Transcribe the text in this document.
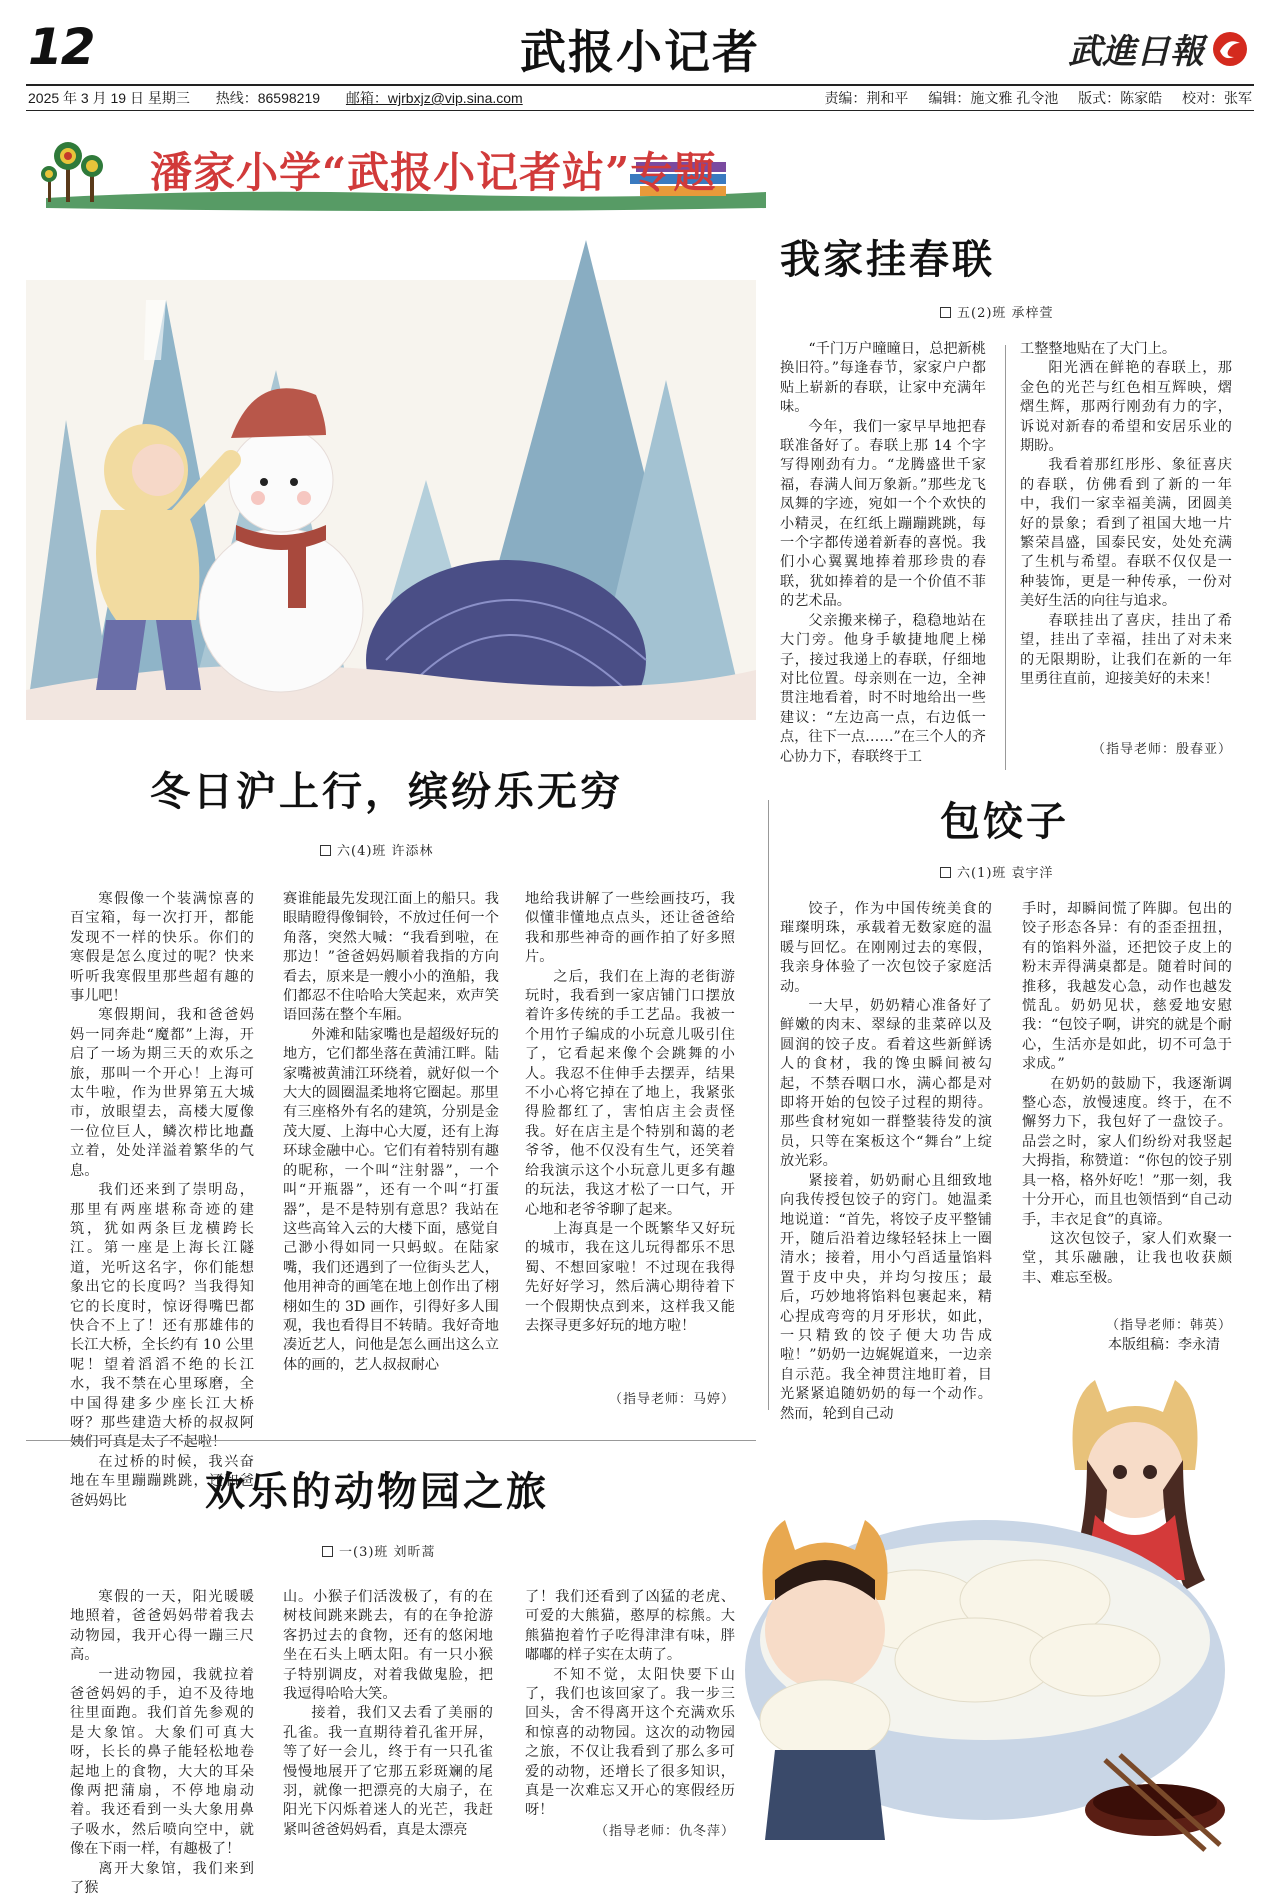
12	武报小记者	武進日報
2025 年 3 月 19 日 星期三 热线：86598219 邮箱：wjrbxjz@vip.sina.com	责编：荆和平 编辑：施文雅 孔令池 版式：陈家皓 校对：张军
潘家小学“武报小记者站”专题
我家挂春联
五(2)班 承梓萱

“千门万户曈曈日，总把新桃换旧符。”每逢春节，家家户户都贴上崭新的春联，让家中充满年味。

今年，我们一家早早地把春联准备好了。春联上那 14 个字写得刚劲有力。“龙腾盛世千家福，春满人间万象新。”那些龙飞凤舞的字迹，宛如一个个欢快的小精灵，在红纸上蹦蹦跳跳，每一个字都传递着新春的喜悦。我们小心翼翼地捧着那珍贵的春联，犹如捧着的是一个价值不菲的艺术品。

父亲搬来梯子，稳稳地站在大门旁。他身手敏捷地爬上梯子，接过我递上的春联，仔细地对比位置。母亲则在一边，全神贯注地看着，时不时地给出一些建议：“左边高一点，右边低一点，往下一点……”在三个人的齐心协力下，春联终于工

工整整地贴在了大门上。

阳光洒在鲜艳的春联上，那金色的光芒与红色相互辉映，熠熠生辉，那两行刚劲有力的字，诉说对新春的希望和安居乐业的期盼。

我看着那红彤彤、象征喜庆的春联，仿佛看到了新的一年中，我们一家幸福美满，团圆美好的景象；看到了祖国大地一片繁荣昌盛，国泰民安，处处充满了生机与希望。春联不仅仅是一种装饰，更是一种传承，一份对美好生活的向往与追求。

春联挂出了喜庆，挂出了希望，挂出了幸福，挂出了对未来的无限期盼，让我们在新的一年里勇往直前，迎接美好的未来！

（指导老师：殷春亚）
冬日沪上行，缤纷乐无穷
六(4)班 许添林

寒假像一个装满惊喜的百宝箱，每一次打开，都能发现不一样的快乐。你们的寒假是怎么度过的呢？快来听听我寒假里那些超有趣的事儿吧！

寒假期间，我和爸爸妈妈一同奔赴“魔都”上海，开启了一场为期三天的欢乐之旅，那叫一个开心！上海可太牛啦，作为世界第五大城市，放眼望去，高楼大厦像一位位巨人，鳞次栉比地矗立着，处处洋溢着繁华的气息。

我们还来到了崇明岛，那里有两座堪称奇迹的建筑，犹如两条巨龙横跨长江。第一座是上海长江隧道，光听这名字，你们能想象出它的长度吗？当我得知它的长度时，惊讶得嘴巴都快合不上了！还有那雄伟的长江大桥，全长约有 10 公里呢！望着滔滔不绝的长江水，我不禁在心里琢磨，全中国得建多少座长江大桥呀？那些建造大桥的叔叔阿姨们可真是太了不起啦！

在过桥的时候，我兴奋地在车里蹦蹦跳跳，还和爸爸妈妈比

赛谁能最先发现江面上的船只。我眼睛瞪得像铜铃，不放过任何一个角落，突然大喊：“我看到啦，在那边！”爸爸妈妈顺着我指的方向看去，原来是一艘小小的渔船，我们都忍不住哈哈大笑起来，欢声笑语回荡在整个车厢。

外滩和陆家嘴也是超级好玩的地方，它们都坐落在黄浦江畔。陆家嘴被黄浦江环绕着，就好似一个大大的圆圈温柔地将它圈起。那里有三座格外有名的建筑，分别是金茂大厦、上海中心大厦，还有上海环球金融中心。它们有着特别有趣的昵称，一个叫“注射器”，一个叫“开瓶器”，还有一个叫“打蛋器”，是不是特别有意思？我站在这些高耸入云的大楼下面，感觉自己渺小得如同一只蚂蚁。在陆家嘴，我们还遇到了一位街头艺人，他用神奇的画笔在地上创作出了栩栩如生的 3D 画作，引得好多人围观，我也看得目不转睛。我好奇地凑近艺人，问他是怎么画出这么立体的画的，艺人叔叔耐心

地给我讲解了一些绘画技巧，我似懂非懂地点点头，还让爸爸给我和那些神奇的画作拍了好多照片。

之后，我们在上海的老街游玩时，我看到一家店铺门口摆放着许多传统的手工艺品。我被一个用竹子编成的小玩意儿吸引住了，它看起来像个会跳舞的小人。我忍不住伸手去摆弄，结果不小心将它掉在了地上，我紧张得脸都红了，害怕店主会责怪我。好在店主是个特别和蔼的老爷爷，他不仅没有生气，还笑着给我演示这个小玩意儿更多有趣的玩法，我这才松了一口气，开心地和老爷爷聊了起来。

上海真是一个既繁华又好玩的城市，我在这儿玩得都乐不思蜀、不想回家啦！不过现在我得先好好学习，然后满心期待着下一个假期快点到来，这样我又能去探寻更多好玩的地方啦！

（指导老师：马婷）
包饺子
六(1)班 袁宇洋

饺子，作为中国传统美食的璀璨明珠，承载着无数家庭的温暖与回忆。在刚刚过去的寒假，我亲身体验了一次包饺子家庭活动。

一大早，奶奶精心准备好了鲜嫩的肉末、翠绿的韭菜碎以及圆润的饺子皮。看着这些新鲜诱人的食材，我的馋虫瞬间被勾起，不禁吞咽口水，满心都是对即将开始的包饺子过程的期待。那些食材宛如一群整装待发的演员，只等在案板这个“舞台”上绽放光彩。

紧接着，奶奶耐心且细致地向我传授包饺子的窍门。她温柔地说道：“首先，将饺子皮平整铺开，随后沿着边缘轻轻抹上一圈清水；接着，用小勺舀适量馅料置于皮中央，并均匀按压；最后，巧妙地将馅料包裹起来，精心捏成弯弯的月牙形状，如此，一只精致的饺子便大功告成啦！”奶奶一边娓娓道来，一边亲自示范。我全神贯注地盯着，目光紧紧追随奶奶的每一个动作。然而，轮到自己动

手时，却瞬间慌了阵脚。包出的饺子形态各异：有的歪歪扭扭，有的馅料外溢，还把饺子皮上的粉末弄得满桌都是。随着时间的推移，我越发心急，动作也越发慌乱。奶奶见状，慈爱地安慰我：“包饺子啊，讲究的就是个耐心，生活亦是如此，切不可急于求成。”

在奶奶的鼓励下，我逐渐调整心态，放慢速度。终于，在不懈努力下，我包好了一盘饺子。品尝之时，家人们纷纷对我竖起大拇指，称赞道：“你包的饺子别具一格，格外好吃！”那一刻，我十分开心，而且也领悟到“自己动手，丰衣足食”的真谛。

这次包饺子，家人们欢聚一堂，其乐融融，让我也收获颇丰、难忘至极。

（指导老师：韩英）
本版组稿：李永清
欢乐的动物园之旅
一(3)班 刘昕蒿

寒假的一天，阳光暖暖地照着，爸爸妈妈带着我去动物园，我开心得一蹦三尺高。

一进动物园，我就拉着爸爸妈妈的手，迫不及待地往里面跑。我们首先参观的是大象馆。大象们可真大呀，长长的鼻子能轻松地卷起地上的食物，大大的耳朵像两把蒲扇，不停地扇动着。我还看到一头大象用鼻子吸水，然后喷向空中，就像在下雨一样，有趣极了！

离开大象馆，我们来到了猴

山。小猴子们活泼极了，有的在树枝间跳来跳去，有的在争抢游客扔过去的食物，还有的悠闲地坐在石头上晒太阳。有一只小猴子特别调皮，对着我做鬼脸，把我逗得哈哈大笑。

接着，我们又去看了美丽的孔雀。我一直期待着孔雀开屏，等了好一会儿，终于有一只孔雀慢慢地展开了它那五彩斑斓的尾羽，就像一把漂亮的大扇子，在阳光下闪烁着迷人的光芒，我赶紧叫爸爸妈妈看，真是太漂亮

了！我们还看到了凶猛的老虎、可爱的大熊猫，憨厚的棕熊。大熊猫抱着竹子吃得津津有味，胖嘟嘟的样子实在太萌了。

不知不觉，太阳快要下山了，我们也该回家了。我一步三回头，舍不得离开这个充满欢乐和惊喜的动物园。这次的动物园之旅，不仅让我看到了那么多可爱的动物，还增长了很多知识，真是一次难忘又开心的寒假经历呀！

（指导老师：仇冬萍）
